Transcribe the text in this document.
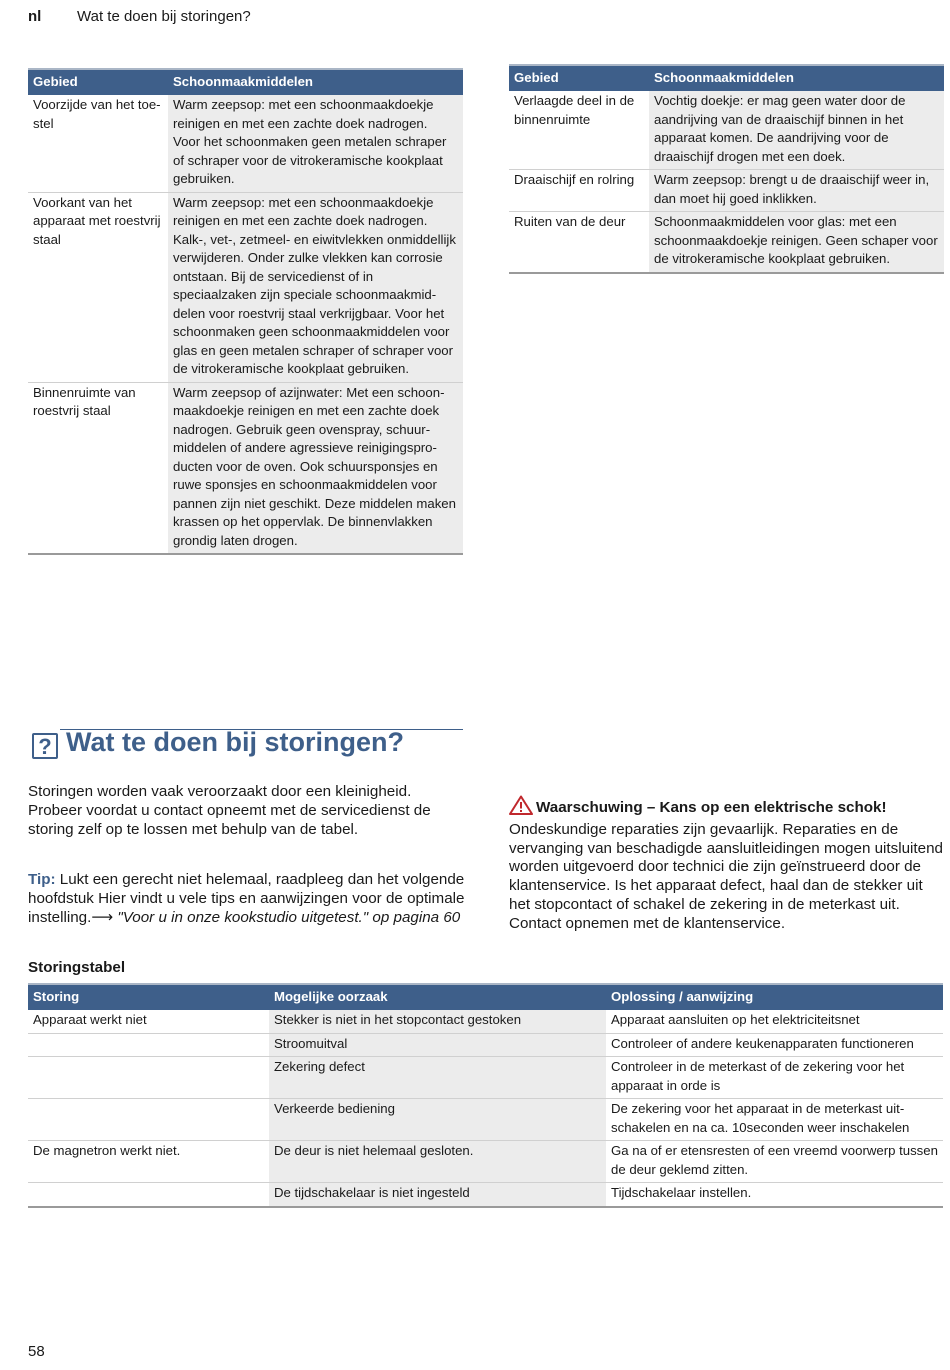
nl Wat te doen bij storingen?
Gebied	Schoonmaakmiddelen
Voorzijde van het toestel	Warm zeepsop: met een schoonmaakdoekje reinigen en met een zachte doek nadrogen. Voor het schoonmaken geen metalen schraper of schraper voor de vitrokeramische kookplaat gebruiken.
Voorkant van het apparaat met roestvrij staal	Warm zeepsop: met een schoonmaakdoekje reinigen en met een zachte doek nadrogen. Kalk-, vet-, zetmeel- en eiwitvlekken onmiddellijk verwijderen. Onder zulke vlekken kan corrosie ontstaan. Bij de servicedienst of in speciaalzaken zijn speciale schoonmaakmiddelen voor roestvrij staal verkrijgbaar. Voor het schoonmaken geen schoonmaakmiddelen voor glas en geen metalen schraper of schraper voor de vitrokeramische kookplaat gebruiken.
Binnenruimte van roestvrij staal	Warm zeepsop of azijnwater: Met een schoonmaakdoekje reinigen en met een zachte doek nadrogen. Gebruik geen ovenspray, schuurmiddelen of andere agressieve reinigingsproducten voor de oven. Ook schuursponsjes en ruwe sponsjes en schoonmaakmiddelen voor pannen zijn niet geschikt. Deze middelen maken krassen op het oppervlak. De binnenvlakken grondig laten drogen.
Gebied	Schoonmaakmiddelen
Verlaagde deel in de binnenruimte	Vochtig doekje: er mag geen water door de aandrijving van de draaischijf binnen in het apparaat komen. De aandrijving voor de draaischijf drogen met een doek.
Draaischijf en rolring	Warm zeepsop: brengt u de draaischijf weer in, dan moet hij goed inklikken.
Ruiten van de deur	Schoonmaakmiddelen voor glas: met een schoonmaakdoekje reinigen. Geen schaper voor de vitrokeramische kookplaat gebruiken.
? Wat te doen bij storingen?

Storingen worden vaak veroorzaakt door een kleinigheid. Probeer voordat u contact opneemt met de servicedienst de storing zelf op te lossen met behulp van de tabel.

Tip: Lukt een gerecht niet helemaal, raadpleeg dan het volgende hoofdstuk Hier vindt u vele tips en aanwijzingen voor de optimale instelling.⟶ "Voor u in onze kookstudio uitgetest." op pagina 60

Waarschuwing – Kans op een elektrische schok!
Ondeskundige reparaties zijn gevaarlijk. Reparaties en de vervanging van beschadigde aansluitleidingen mogen uitsluitend worden uitgevoerd door technici die zijn geïnstrueerd door de klantenservice. Is het apparaat defect, haal dan de stekker uit het stopcontact of schakel de zekering in de meterkast uit. Contact opnemen met de klantenservice.

Storingstabel
Storing	Mogelijke oorzaak	Oplossing / aanwijzing
Apparaat werkt niet	Stekker is niet in het stopcontact gestoken	Apparaat aansluiten op het elektriciteitsnet
	Stroomuitval	Controleer of andere keukenapparaten functioneren
	Zekering defect	Controleer in de meterkast of de zekering voor het apparaat in orde is
	Verkeerde bediening	De zekering voor het apparaat in de meterkast uitschakelen en na ca. 10seconden weer inschakelen
De magnetron werkt niet.	De deur is niet helemaal gesloten.	Ga na of er etensresten of een vreemd voorwerp tussen de deur geklemd zitten.
	De tijdschakelaar is niet ingesteld	Tijdschakelaar instellen.
58
